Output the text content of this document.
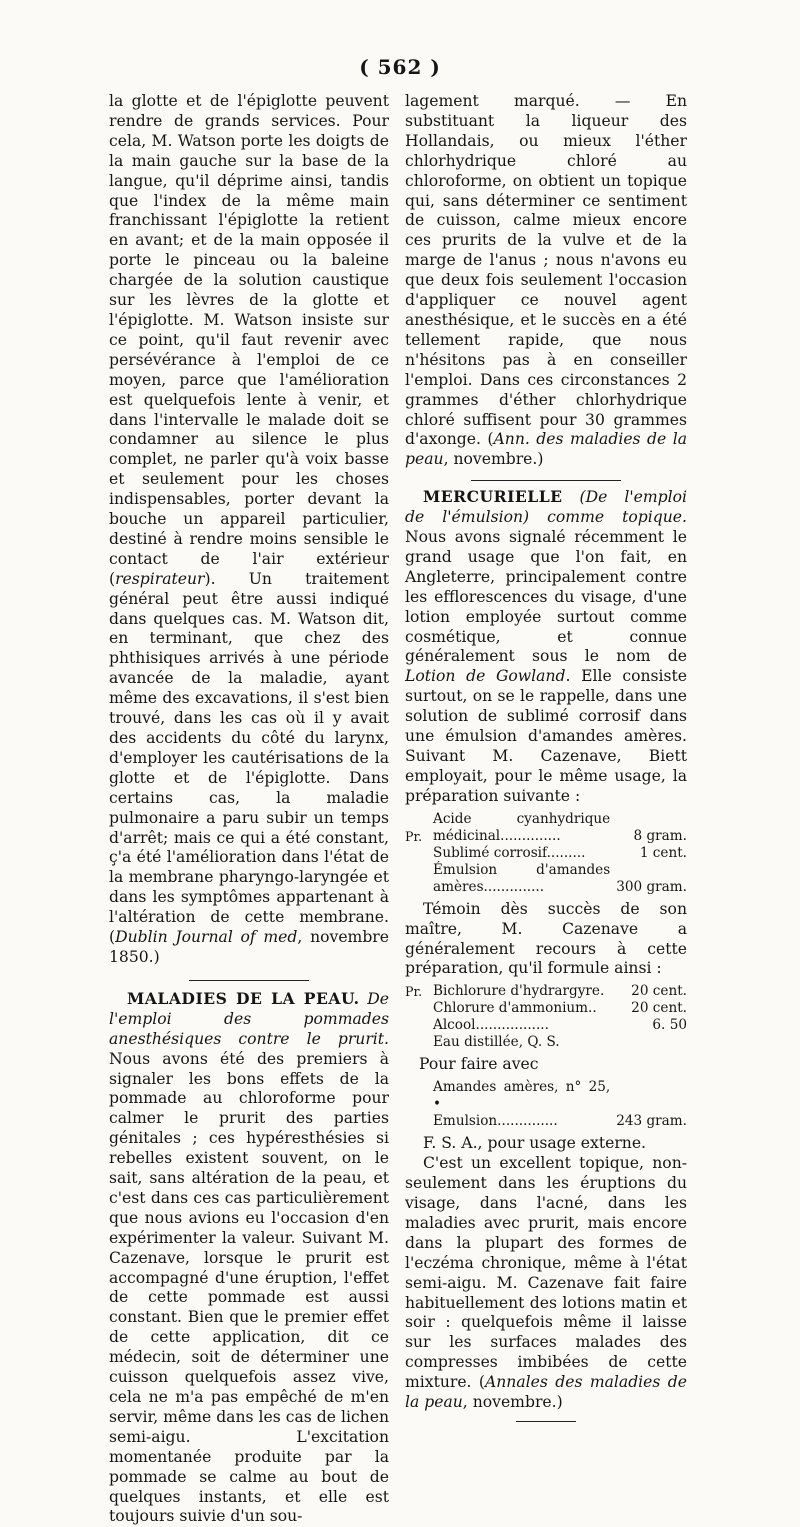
( 562 )

la glotte et de l'épiglotte peuvent rendre de grands services. Pour cela, M. Watson porte les doigts de la main gauche sur la base de la langue, qu'il déprime ainsi, tandis que l'index de la même main franchissant l'épiglotte la retient en avant; et de la main opposée il porte le pinceau ou la baleine chargée de la solution caustique sur les lèvres de la glotte et l'épiglotte. M. Watson insiste sur ce point, qu'il faut revenir avec persévérance à l'emploi de ce moyen, parce que l'amélioration est quelquefois lente à venir, et dans l'intervalle le malade doit se condamner au silence le plus complet, ne parler qu'à voix basse et seulement pour les choses indispensables, porter devant la bouche un appareil particulier, destiné à rendre moins sensible le contact de l'air extérieur (respirateur). Un traitement général peut être aussi indiqué dans quelques cas. M. Watson dit, en terminant, que chez des phthisiques arrivés à une période avancée de la maladie, ayant même des excavations, il s'est bien trouvé, dans les cas où il y avait des accidents du côté du larynx, d'employer les cautérisations de la glotte et de l'épiglotte. Dans certains cas, la maladie pulmonaire a paru subir un temps d'arrêt; mais ce qui a été constant, ç'a été l'amélioration dans l'état de la membrane pharyngo-laryngée et dans les symptômes appartenant à l'altération de cette membrane. (Dublin Journal of med, novembre 1850.)

MALADIES DE LA PEAU. De l'emploi des pommades anesthésiques contre le prurit. Nous avons été des premiers à signaler les bons effets de la pommade au chloroforme pour calmer le prurit des parties génitales ; ces hypéresthésies si rebelles existent souvent, on le sait, sans altération de la peau, et c'est dans ces cas particulièrement que nous avions eu l'occasion d'en expérimenter la valeur. Suivant M. Cazenave, lorsque le prurit est accompagné d'une éruption, l'effet de cette pommade est aussi constant. Bien que le premier effet de cette application, dit ce médecin, soit de déterminer une cuisson quelquefois assez vive, cela ne m'a pas empêché de m'en servir, même dans les cas de lichen semi-aigu. L'excitation momentanée produite par la pommade se calme au bout de quelques instants, et elle est toujours suivie d'un sou-

lagement marqué. — En substituant la liqueur des Hollandais, ou mieux l'éther chlorhydrique chloré au chloroforme, on obtient un topique qui, sans déterminer ce sentiment de cuisson, calme mieux encore ces prurits de la vulve et de la marge de l'anus ; nous n'avons eu que deux fois seulement l'occasion d'appliquer ce nouvel agent anesthésique, et le succès en a été tellement rapide, que nous n'hésitons pas à en conseiller l'emploi. Dans ces circonstances 2 grammes d'éther chlorhydrique chloré suffisent pour 30 grammes d'axonge. (Ann. des maladies de la peau, novembre.)

MERCURIELLE (De l'emploi de l'émulsion) comme topique. Nous avons signalé récemment le grand usage que l'on fait, en Angleterre, principalement contre les efflorescences du visage, d'une lotion employée surtout comme cosmétique, et connue généralement sous le nom de Lotion de Gowland. Elle consiste surtout, on se le rappelle, dans une solution de sublimé corrosif dans une émulsion d'amandes amères. Suivant M. Cazenave, Biett employait, pour le même usage, la préparation suivante :

Pr.	Acide cyanhydrique médicinal..............	8 gram.
	Sublimé corrosif.........	1 cent.
	Émulsion d'amandes amères..............	300 gram.

Témoin dès succès de son maître, M. Cazenave a généralement recours à cette préparation, qu'il formule ainsi :

Pr.	Bichlorure d'hydrargyre.	20 cent.
	Chlorure d'ammonium..	20 cent.
	Alcool.................	6. 50
	Eau distillée, Q. S.	
Pour faire avec
	Amandes amères, n° 25, •	
	Emulsion..............	243 gram.

F. S. A., pour usage externe.

C'est un excellent topique, non-seulement dans les éruptions du visage, dans l'acné, dans les maladies avec prurit, mais encore dans la plupart des formes de l'eczéma chronique, même à l'état semi-aigu. M. Cazenave fait faire habituellement des lotions matin et soir : quelquefois même il laisse sur les surfaces malades des compresses imbibées de cette mixture. (Annales des maladies de la peau, novembre.)
